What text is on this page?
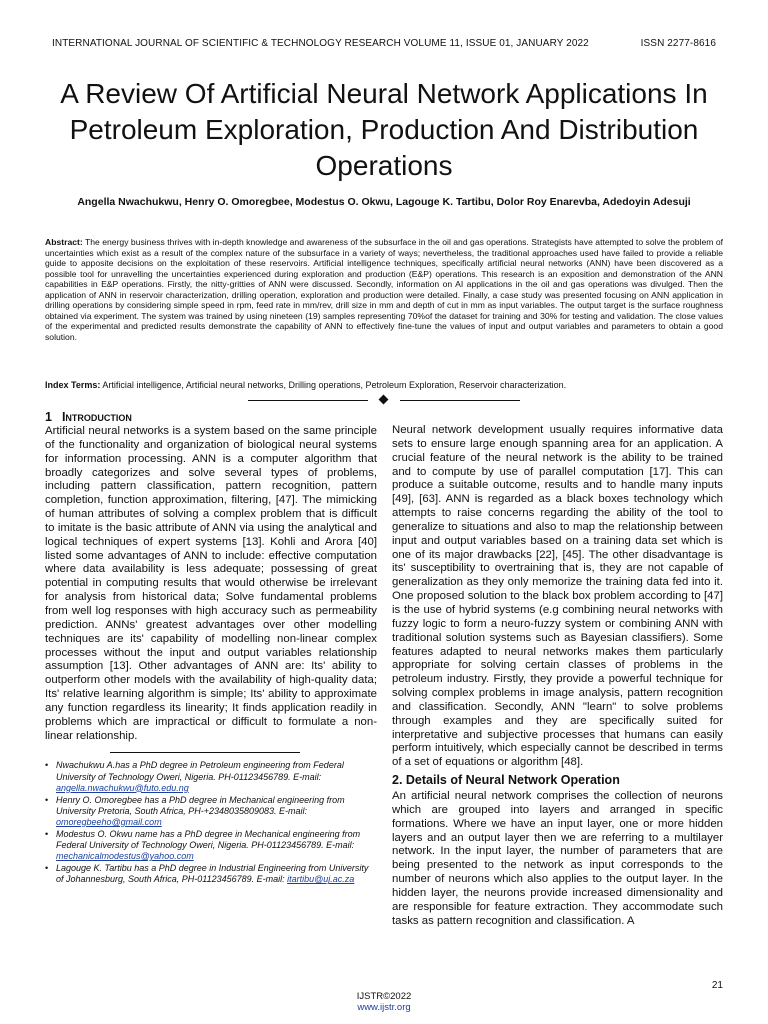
INTERNATIONAL JOURNAL OF SCIENTIFIC & TECHNOLOGY RESEARCH VOLUME 11, ISSUE 01, JANUARY 2022	ISSN 2277-8616
A Review Of Artificial Neural Network Applications In Petroleum Exploration, Production And Distribution Operations
Angella Nwachukwu, Henry O. Omoregbee, Modestus O. Okwu, Lagouge K. Tartibu, Dolor Roy Enarevba, Adedoyin Adesuji
Abstract: The energy business thrives with in-depth knowledge and awareness of the subsurface in the oil and gas operations. Strategists have attempted to solve the problem of uncertainties which exist as a result of the complex nature of the subsurface in a variety of ways; nevertheless, the traditional approaches used have failed to provide a reliable guide to apposite decisions on the exploitation of these reservoirs. Artificial intelligence techniques, specifically artificial neural networks (ANN) have been discovered as a possible tool for unravelling the uncertainties experienced during exploration and production (E&P) operations. This research is an exposition and demonstration of the ANN capabilities in E&P operations. Firstly, the nitty-gritties of ANN were discussed. Secondly, information on AI applications in the oil and gas operations was divulged. Then the application of ANN in reservoir characterization, drilling operation, exploration and production were detailed. Finally, a case study was presented focusing on ANN application in drilling operations by considering simple speed in rpm, feed rate in mm/rev, drill size in mm and depth of cut in mm as input variables. The output target is the surface roughness obtained via experiment. The system was trained by using nineteen (19) samples representing 70%of the dataset for training and 30% for testing and validation. The close values of the experimental and predicted results demonstrate the capability of ANN to effectively fine-tune the values of input and output variables and parameters to obtain a good solution.
Index Terms: Artificial intelligence, Artificial neural networks, Drilling operations, Petroleum Exploration, Reservoir characterization.
1 Introduction
Artificial neural networks is a system based on the same principle of the functionality and organization of biological neural systems for information processing. ANN is a computer algorithm that broadly categorizes and solve several types of problems, including pattern classification, pattern recognition, pattern completion, function approximation, filtering, [47]. The mimicking of human attributes of solving a complex problem that is difficult to imitate is the basic attribute of ANN via using the analytical and logical techniques of expert systems [13]. Kohli and Arora [40] listed some advantages of ANN to include: effective computation where data availability is less adequate; possessing of great potential in computing results that would otherwise be irrelevant for analysis from historical data; Solve fundamental problems from well log responses with high accuracy such as permeability prediction. ANNs' greatest advantages over other modelling techniques are its' capability of modelling non-linear complex processes without the input and output variables relationship assumption [13]. Other advantages of ANN are: Its' ability to outperform other models with the availability of high-quality data; Its' relative learning algorithm is simple; Its' ability to approximate any function regardless its linearity; It finds application readily in problems which are impractical or difficult to formulate a non-linear relationship.
• Nwachukwu A.has a PhD degree in Petroleum engineering from Federal University of Technology Oweri, Nigeria. PH-01123456789. E-mail: angella.nwachukwu@futo.edu.ng
• Henry O. Omoregbee has a PhD degree in Mechanical engineering from University Pretoria, South Africa, PH-+2348035809083. E-mail: omoregbeeho@gmail.com
• Modestus O. Okwu name has a PhD degree in Mechanical engineering from Federal University of Technology Oweri, Nigeria. PH-01123456789. E-mail: mechanicalmodestus@yahoo.com
• Lagouge K. Tartibu has a PhD degree in Industrial Engineering from University of Johannesburg, South Africa, PH-01123456789. E-mail: itartibu@uj.ac.za
Neural network development usually requires informative data sets to ensure large enough spanning area for an application. A crucial feature of the neural network is the ability to be trained and to compute by use of parallel computation [17]. This can produce a suitable outcome, results and to handle many inputs [49], [63]. ANN is regarded as a black boxes technology which attempts to raise concerns regarding the ability of the tool to generalize to situations and also to map the relationship between input and output variables based on a training data set which is one of its major drawbacks [22], [45]. The other disadvantage is its' susceptibility to overtraining that is, they are not capable of generalization as they only memorize the training data fed into it. One proposed solution to the black box problem according to [47] is the use of hybrid systems (e.g combining neural networks with fuzzy logic to form a neuro-fuzzy system or combining ANN with traditional solution systems such as Bayesian classifiers). Some features adapted to neural networks makes them particularly appropriate for solving certain classes of problems in the petroleum industry. Firstly, they provide a powerful technique for solving complex problems in image analysis, pattern recognition and classification. Secondly, ANN "learn" to solve problems through examples and they are specifically suited for interpretative and subjective processes that humans can easily perform intuitively, which especially cannot be described in terms of a set of equations or algorithm [48].
2. Details of Neural Network Operation
An artificial neural network comprises the collection of neurons which are grouped into layers and arranged in specific formations. Where we have an input layer, one or more hidden layers and an output layer then we are referring to a multilayer network. In the input layer, the number of parameters that are being presented to the network as input corresponds to the number of neurons which also applies to the output layer. In the hidden layer, the neurons provide increased dimensionality and are responsible for feature extraction. They accommodate such tasks as pattern recognition and classification. A
21
IJSTR©2022
www.ijstr.org
